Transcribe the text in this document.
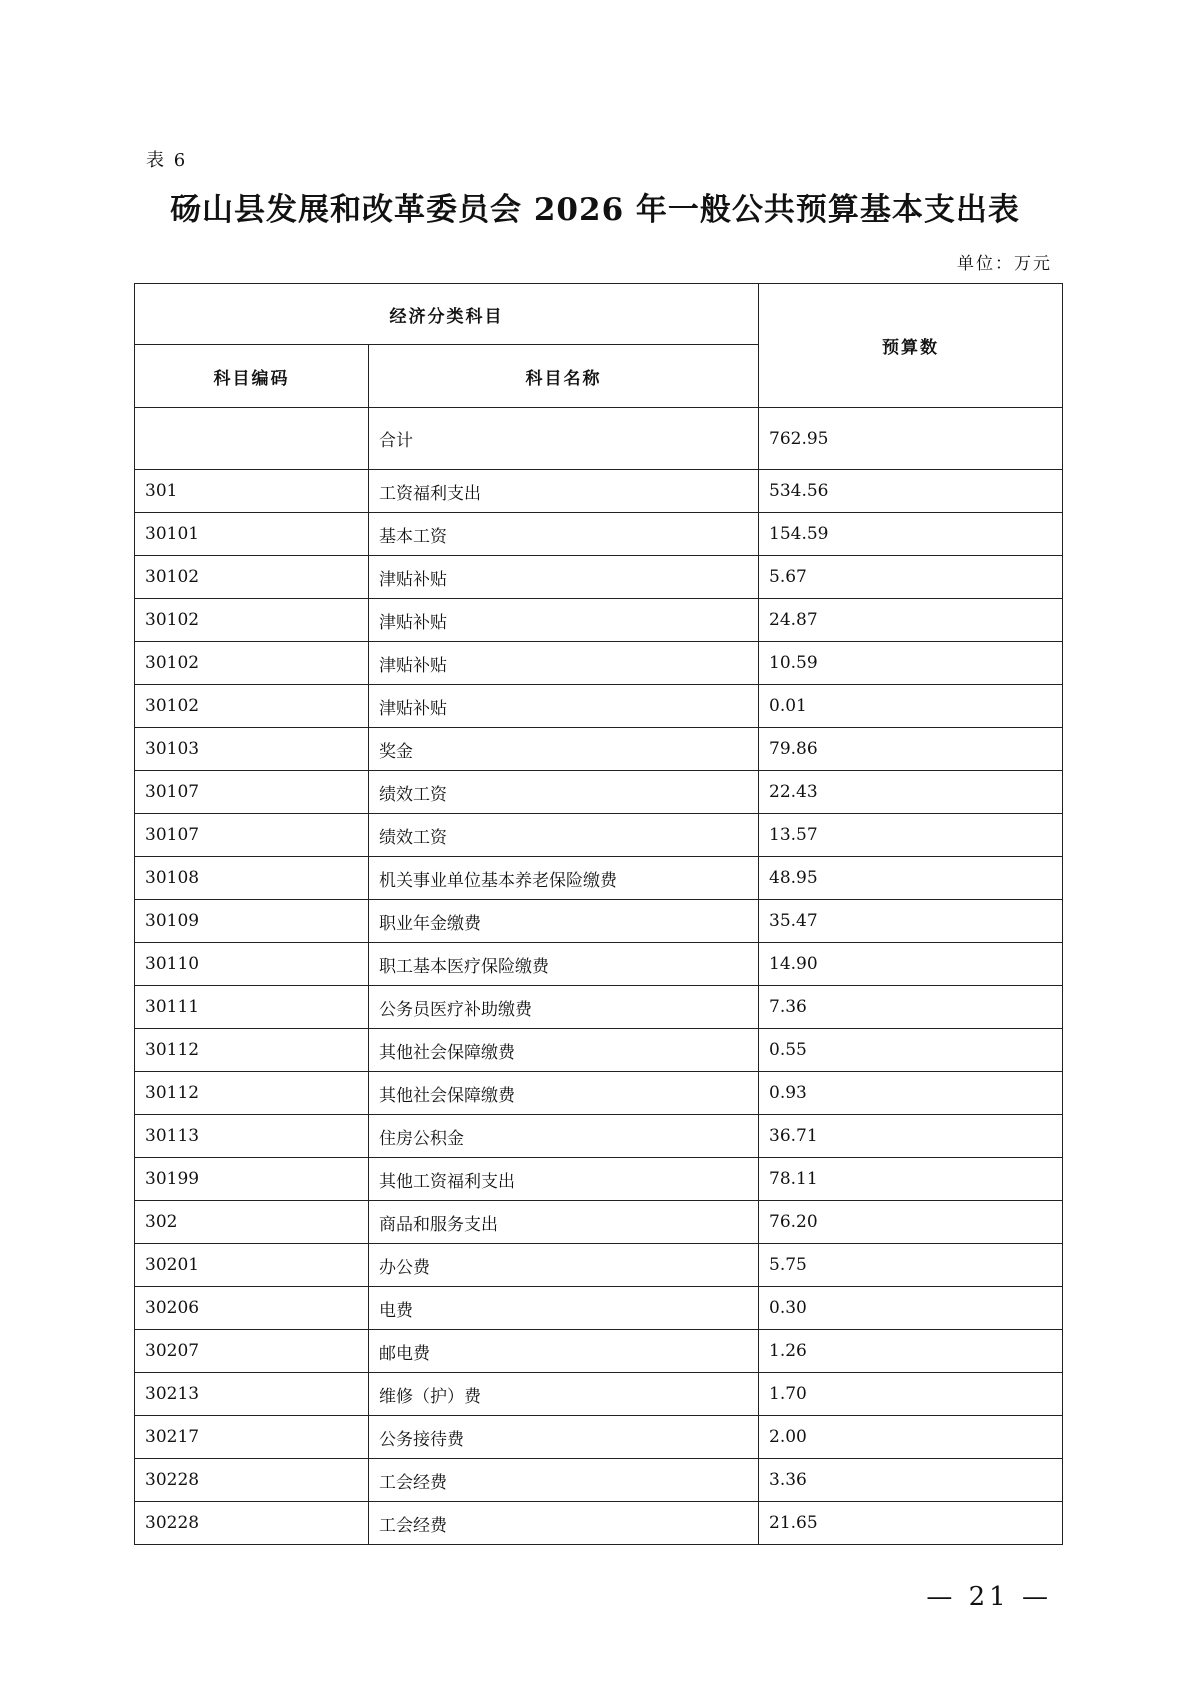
表 6
砀山县发展和改革委员会 2026 年一般公共预算基本支出表
单位：万元
经济分类科目		预算数
科目编码	科目名称	
	合计	762.95
301	工资福利支出	534.56
30101	基本工资	154.59
30102	津贴补贴	5.67
30102	津贴补贴	24.87
30102	津贴补贴	10.59
30102	津贴补贴	0.01
30103	奖金	79.86
30107	绩效工资	22.43
30107	绩效工资	13.57
30108	机关事业单位基本养老保险缴费	48.95
30109	职业年金缴费	35.47
30110	职工基本医疗保险缴费	14.90
30111	公务员医疗补助缴费	7.36
30112	其他社会保障缴费	0.55
30112	其他社会保障缴费	0.93
30113	住房公积金	36.71
30199	其他工资福利支出	78.11
302	商品和服务支出	76.20
30201	办公费	5.75
30206	电费	0.30
30207	邮电费	1.26
30213	维修（护）费	1.70
30217	公务接待费	2.00
30228	工会经费	3.36
30228	工会经费	21.65
— 21 —
